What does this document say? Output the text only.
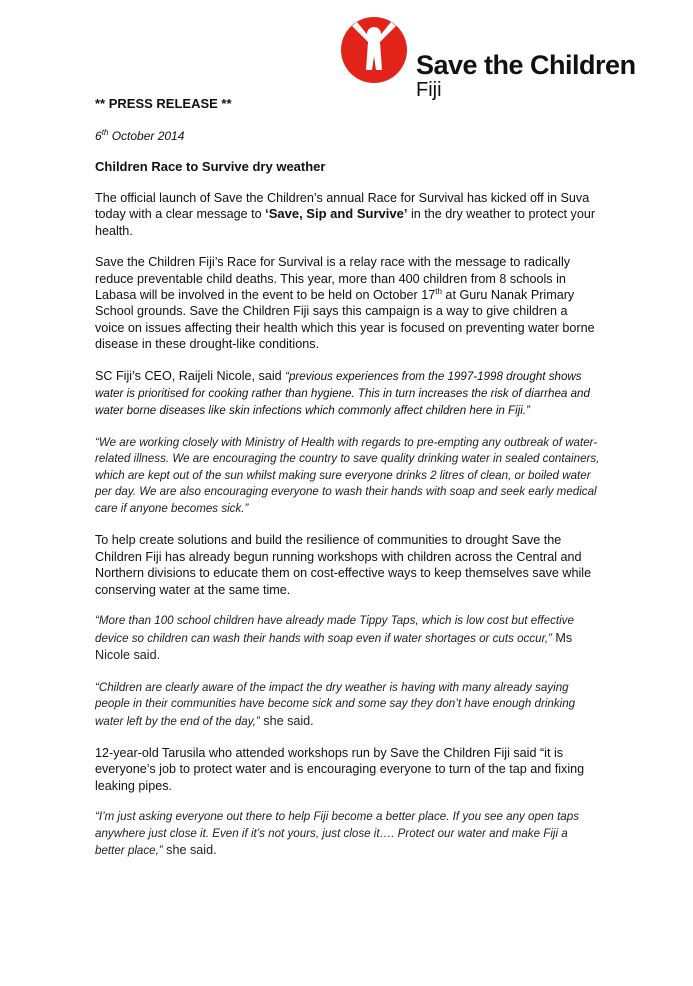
Save the Children
Fiji

** PRESS RELEASE **

6th October 2014

Children Race to Survive dry weather

The official launch of Save the Children’s annual Race for Survival has kicked off in Suva today with a clear message to ‘Save, Sip and Survive’ in the dry weather to protect your health.

Save the Children Fiji’s Race for Survival is a relay race with the message to radically reduce preventable child deaths. This year, more than 400 children from 8 schools in Labasa will be involved in the event to be held on October 17th at Guru Nanak Primary School grounds. Save the Children Fiji says this campaign is a way to give children a voice on issues affecting their health which this year is focused on preventing water borne disease in these drought-like conditions.

SC Fiji’s CEO, Raijeli Nicole, said “previous experiences from the 1997-1998 drought shows water is prioritised for cooking rather than hygiene. This in turn increases the risk of diarrhea and water borne diseases like skin infections which commonly affect children here in Fiji.”

“We are working closely with Ministry of Health with regards to pre-empting any outbreak of water-related illness. We are encouraging the country to save quality drinking water in sealed containers, which are kept out of the sun whilst making sure everyone drinks 2 litres of clean, or boiled water per day. We are also encouraging everyone to wash their hands with soap and seek early medical care if anyone becomes sick.”

To help create solutions and build the resilience of communities to drought Save the Children Fiji has already begun running workshops with children across the Central and Northern divisions to educate them on cost-effective ways to keep themselves save while conserving water at the same time.

“More than 100 school children have already made Tippy Taps, which is low cost but effective device so children can wash their hands with soap even if water shortages or cuts occur,” Ms Nicole said.

“Children are clearly aware of the impact the dry weather is having with many already saying people in their communities have become sick and some say they don’t have enough drinking water left by the end of the day,” she said.

12-year-old Tarusila who attended workshops run by Save the Children Fiji said “it is everyone’s job to protect water and is encouraging everyone to turn of the tap and fixing leaking pipes.

“I’m just asking everyone out there to help Fiji become a better place. If you see any open taps anywhere just close it. Even if it’s not yours, just close it…. Protect our water and make Fiji a better place,” she said.
